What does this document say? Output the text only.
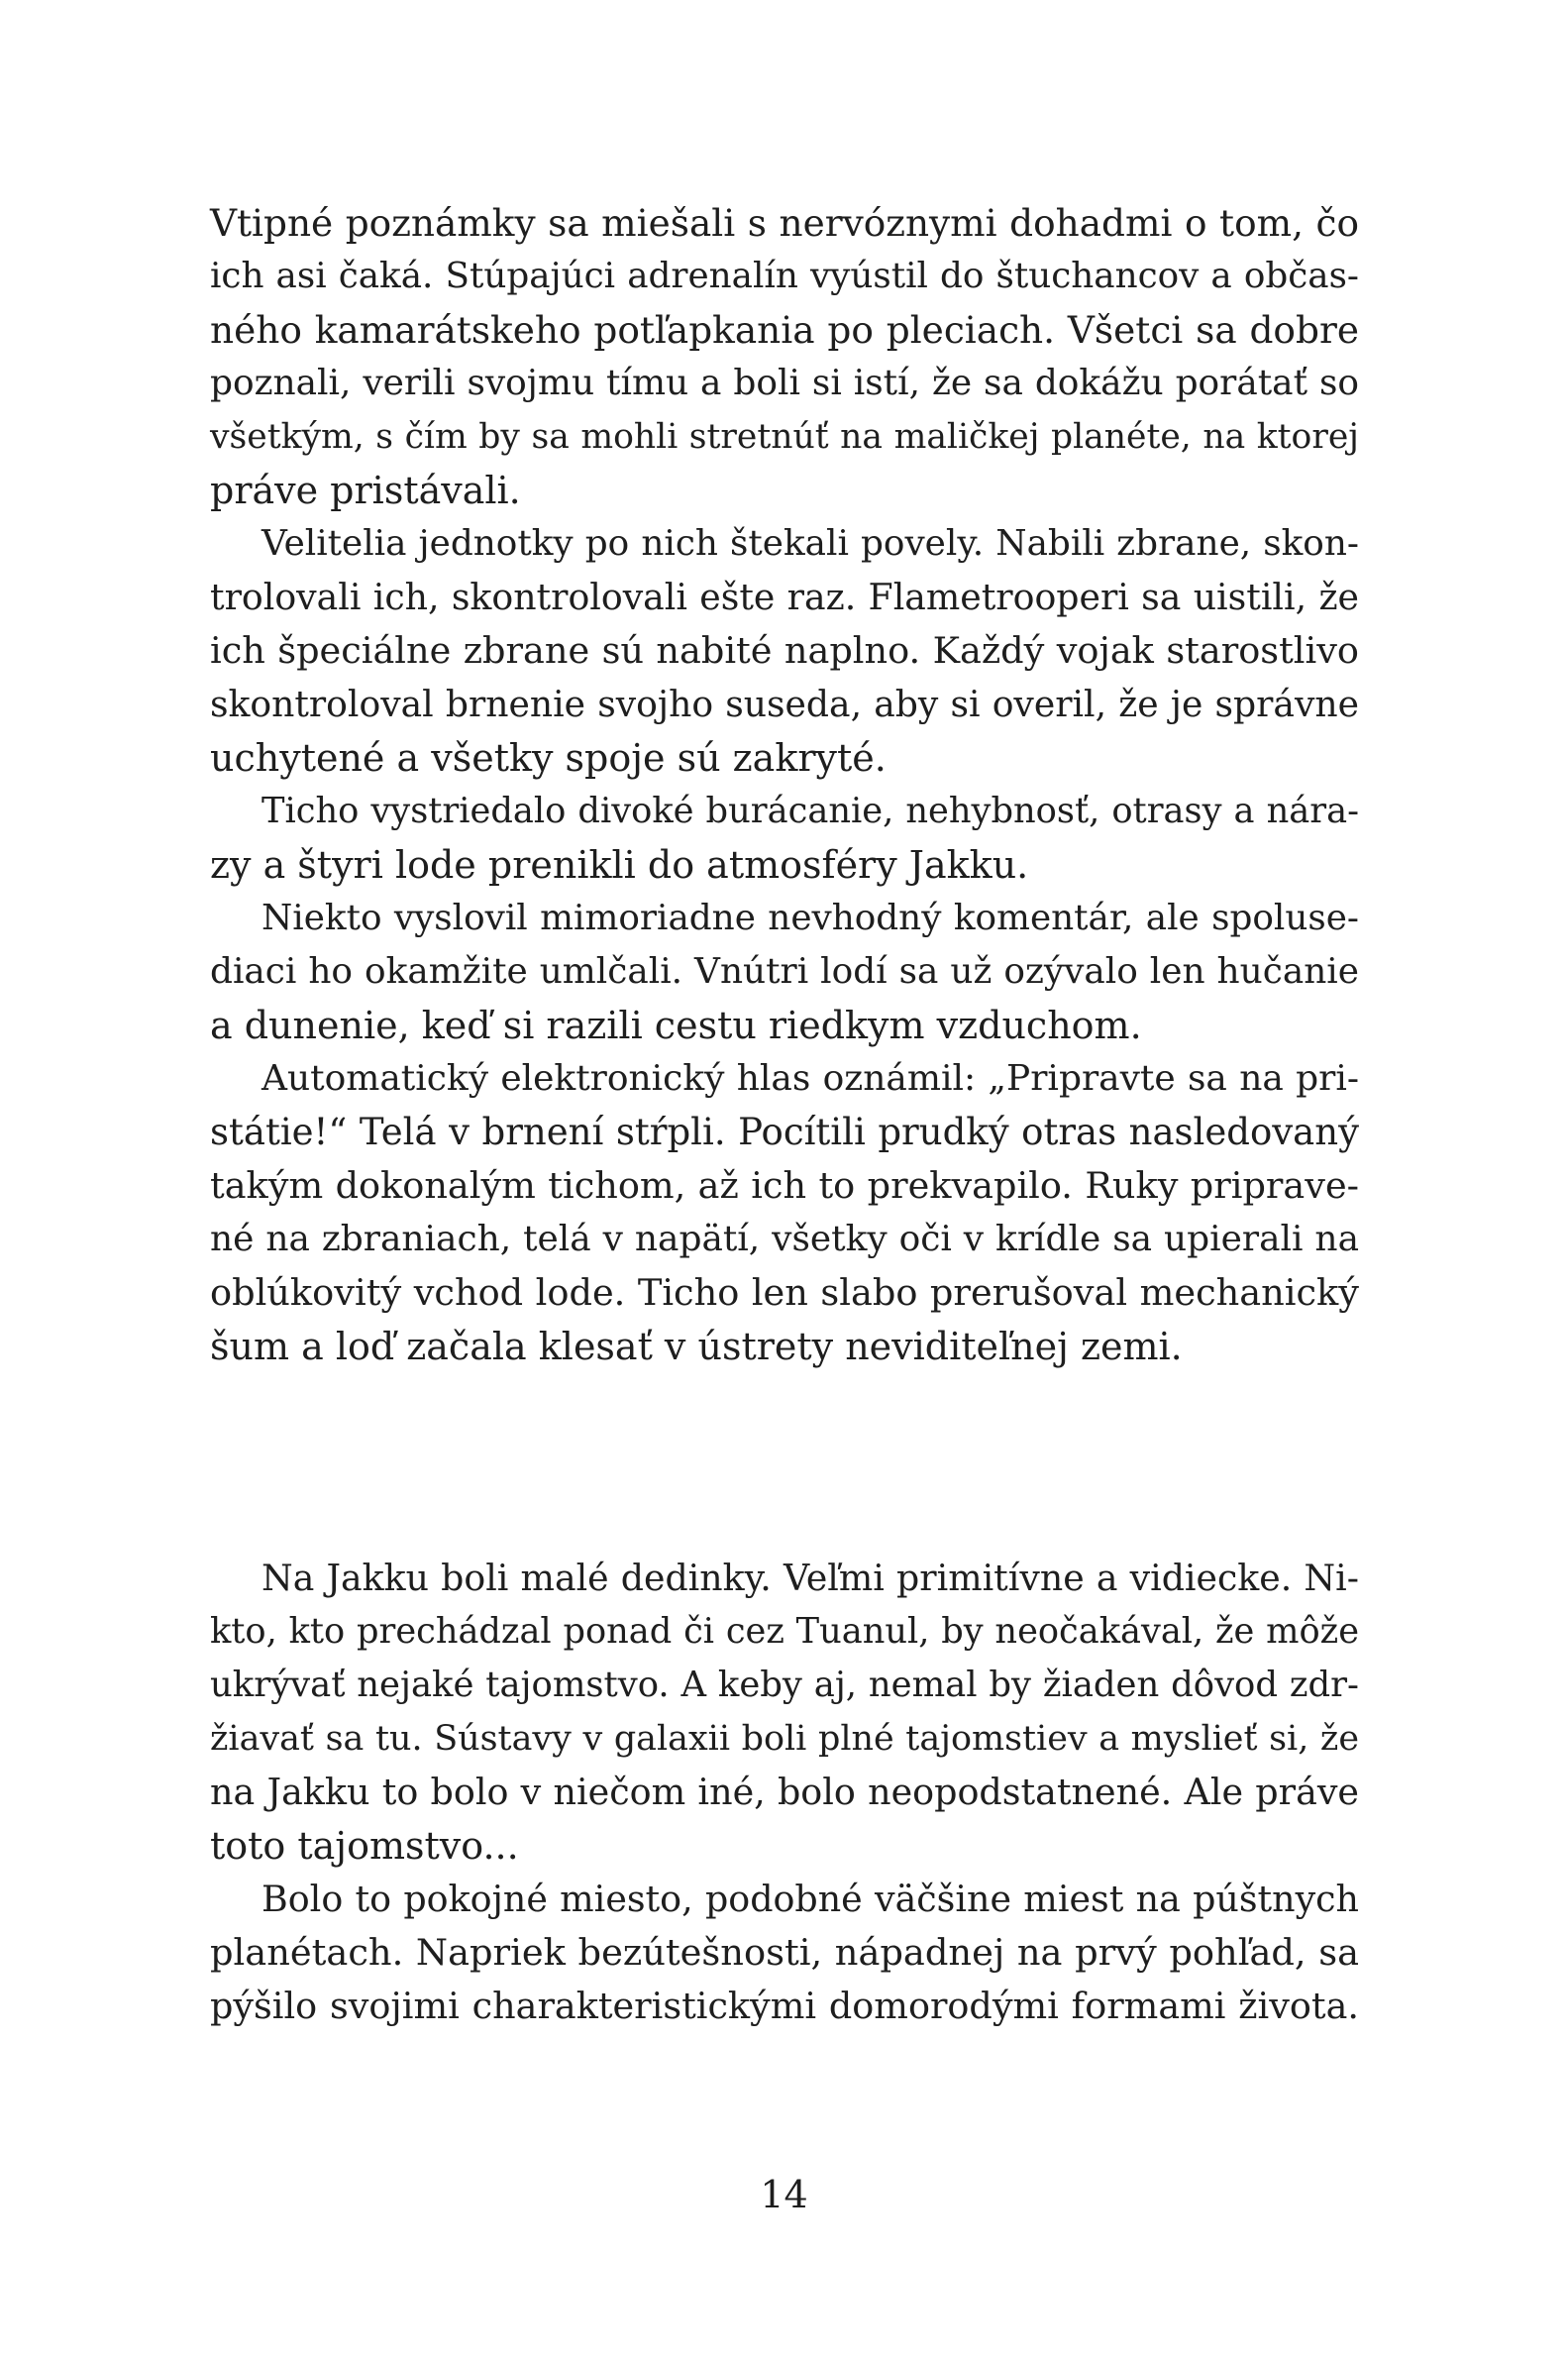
Vtipné poznámky sa miešali s nervóznymi dohadmi o tom, čo
ich asi čaká. Stúpajúci adrenalín vyústil do štuchancov a občas-
ného kamarátskeho potľapkania po pleciach. Všetci sa dobre
poznali, verili svojmu tímu a boli si istí, že sa dokážu porátať so
všetkým, s čím by sa mohli stretnúť na maličkej planéte, na ktorej
práve pristávali.
Velitelia jednotky po nich štekali povely. Nabili zbrane, skon-
trolovali ich, skontrolovali ešte raz. Flametrooperi sa uistili, že
ich špeciálne zbrane sú nabité naplno. Každý vojak starostlivo
skontroloval brnenie svojho suseda, aby si overil, že je správne
uchytené a všetky spoje sú zakryté.
Ticho vystriedalo divoké burácanie, nehybnosť, otrasy a nára-
zy a štyri lode prenikli do atmosféry Jakku.
Niekto vyslovil mimoriadne nevhodný komentár, ale spoluse-
diaci ho okamžite umlčali. Vnútri lodí sa už ozývalo len hučanie
a dunenie, keď si razili cestu riedkym vzduchom.
Automatický elektronický hlas oznámil: „Pripravte sa na pri-
státie!“ Telá v brnení stŕpli. Pocítili prudký otras nasledovaný
takým dokonalým tichom, až ich to prekvapilo. Ruky priprave-
né na zbraniach, telá v napätí, všetky oči v krídle sa upierali na
oblúkovitý vchod lode. Ticho len slabo prerušoval mechanický
šum a loď začala klesať v ústrety neviditeľnej zemi.
Na Jakku boli malé dedinky. Veľmi primitívne a vidiecke. Ni-
kto, kto prechádzal ponad či cez Tuanul, by neočakával, že môže
ukrývať nejaké tajomstvo. A keby aj, nemal by žiaden dôvod zdr-
žiavať sa tu. Sústavy v galaxii boli plné tajomstiev a myslieť si, že
na Jakku to bolo v niečom iné, bolo neopodstatnené. Ale práve
toto tajomstvo...
Bolo to pokojné miesto, podobné väčšine miest na púštnych
planétach. Napriek bezútešnosti, nápadnej na prvý pohľad, sa
pýšilo svojimi charakteristickými domorodými formami života.
14
